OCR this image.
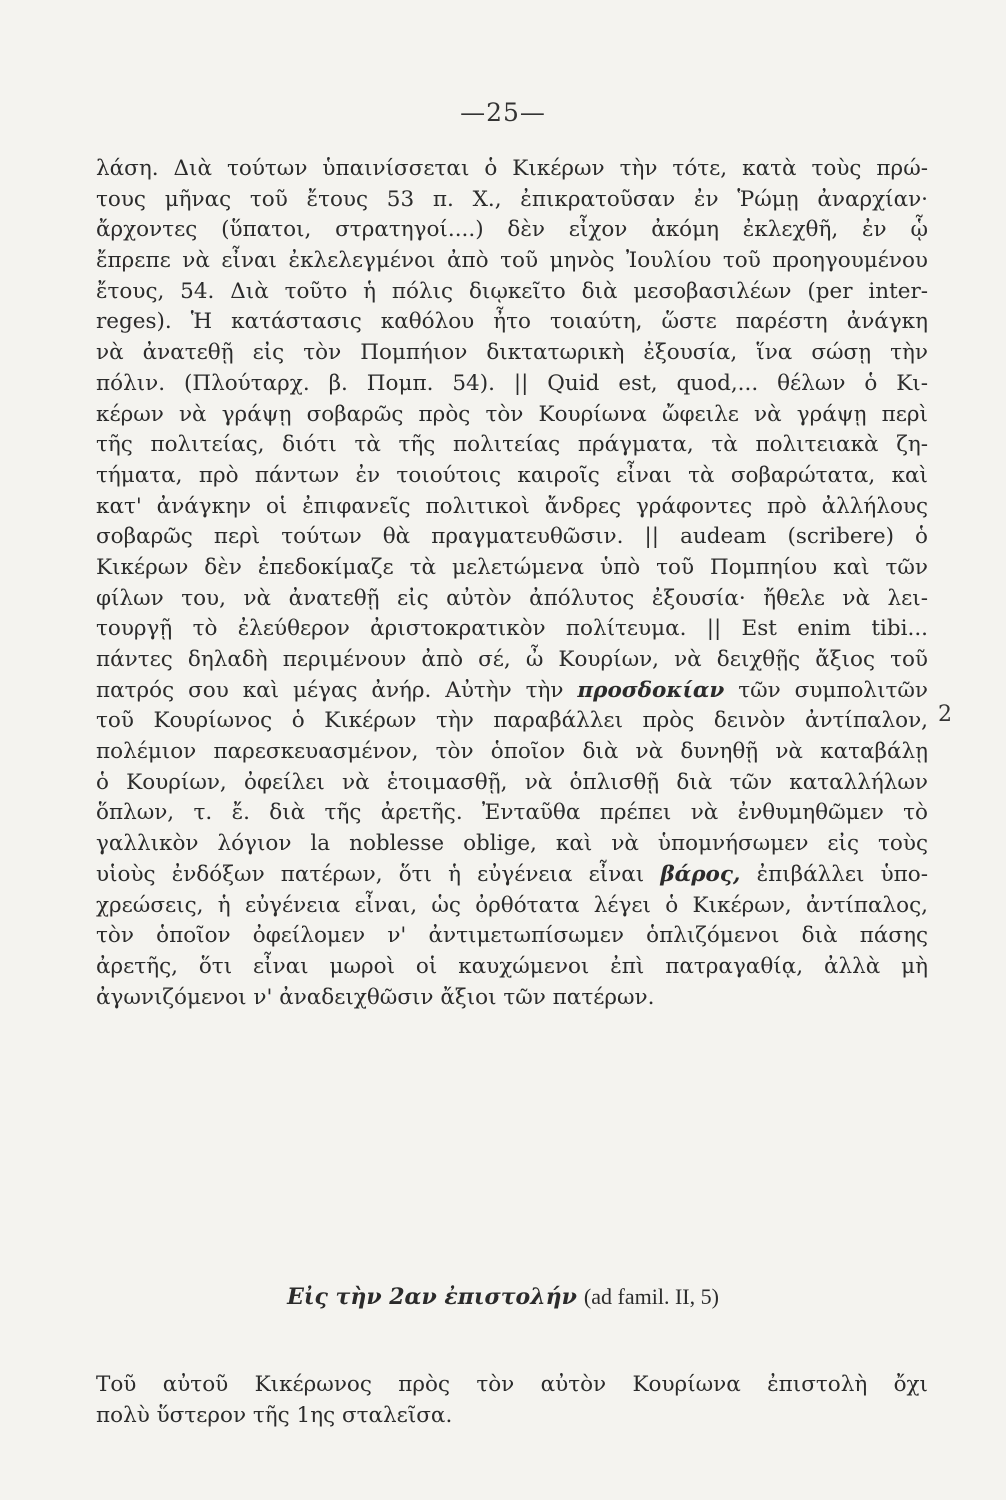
—25—
λάση. Διὰ τούτων ὑπαινίσσεται ὁ Κικέρων τὴν τότε, κατὰ τοὺς πρώ-
τους μῆνας τοῦ ἔτους 53 π. Χ., ἐπικρατοῦσαν ἐν Ῥώμῃ ἀναρχίαν·
ἄρχοντες (ὕπατοι, στρατηγοί....) δὲν εἶχον ἀκόμη ἐκλεχθῆ, ἐν ᾧ
ἔπρεπε νὰ εἶναι ἐκλελεγμένοι ἀπὸ τοῦ μηνὸς Ἰουλίου τοῦ προηγουμένου
ἔτους, 54. Διὰ τοῦτο ἡ πόλις διῳκεῖτο διὰ μεσοβασιλέων (per inter-
reges). Ἡ κατάστασις καθόλου ἦτο τοιαύτη, ὥστε παρέστη ἀνάγκη
νὰ ἀνατεθῇ εἰς τὸν Πομπήιον δικτατωρικὴ ἐξουσία, ἵνα σώσῃ τὴν
πόλιν. (Πλούταρχ. β. Πομπ. 54). || Quid est, quod,... θέλων ὁ Κι-
κέρων νὰ γράψῃ σοβαρῶς πρὸς τὸν Κουρίωνα ὤφειλε νὰ γράψῃ περὶ
τῆς πολιτείας, διότι τὰ τῆς πολιτείας πράγματα, τὰ πολιτειακὰ ζη-
τήματα, πρὸ πάντων ἐν τοιούτοις καιροῖς εἶναι τὰ σοβαρώτατα, καὶ
κατ' ἀνάγκην οἱ ἐπιφανεῖς πολιτικοὶ ἄνδρες γράφοντες πρὸ ἀλλήλους
σοβαρῶς περὶ τούτων θὰ πραγματευθῶσιν. || audeam (scribere) ὁ
Κικέρων δὲν ἐπεδοκίμαζε τὰ μελετώμενα ὑπὸ τοῦ Πομπηίου καὶ τῶν
φίλων του, νὰ ἀνατεθῇ εἰς αὐτὸν ἀπόλυτος ἐξουσία· ἤθελε νὰ λει-
τουργῇ τὸ ἐλεύθερον ἀριστοκρατικὸν πολίτευμα. || Est enim tibi...
πάντες δηλαδὴ περιμένουν ἀπὸ σέ, ὦ Κουρίων, νὰ δειχθῇς ἄξιος τοῦ
πατρός σου καὶ μέγας ἀνήρ. Αὐτὴν τὴν προσδοκίαν τῶν συμπολιτῶν
τοῦ Κουρίωνος ὁ Κικέρων τὴν παραβάλλει πρὸς δεινὸν ἀντίπαλον,
πολέμιον παρεσκευασμένον, τὸν ὁποῖον διὰ νὰ δυνηθῇ νὰ καταβάλῃ
ὁ Κουρίων, ὀφείλει νὰ ἑτοιμασθῇ, νὰ ὁπλισθῇ διὰ τῶν καταλλήλων
ὅπλων, τ. ἔ. διὰ τῆς ἀρετῆς. Ἐνταῦθα πρέπει νὰ ἐνθυμηθῶμεν τὸ
γαλλικὸν λόγιον la noblesse oblige, καὶ νὰ ὑπομνήσωμεν εἰς τοὺς
υἱοὺς ἐνδόξων πατέρων, ὅτι ἡ εὐγένεια εἶναι βάρος, ἐπιβάλλει ὑπο-
χρεώσεις, ἡ εὐγένεια εἶναι, ὡς ὀρθότατα λέγει ὁ Κικέρων, ἀντίπαλος,
τὸν ὁποῖον ὀφείλομεν ν' ἀντιμετωπίσωμεν ὁπλιζόμενοι διὰ πάσης
ἀρετῆς, ὅτι εἶναι μωροὶ οἱ καυχώμενοι ἐπὶ πατραγαθίᾳ, ἀλλὰ μὴ
ἀγωνιζόμενοι ν' ἀναδειχθῶσιν ἄξιοι τῶν πατέρων.
2
Εἰς τὴν 2αν ἐπιστολήν (ad famil. II, 5)
Τοῦ αὐτοῦ Κικέρωνος πρὸς τὸν αὐτὸν Κουρίωνα ἐπιστολὴ ὄχι
πολὺ ὕστερον τῆς 1ης σταλεῖσα.
